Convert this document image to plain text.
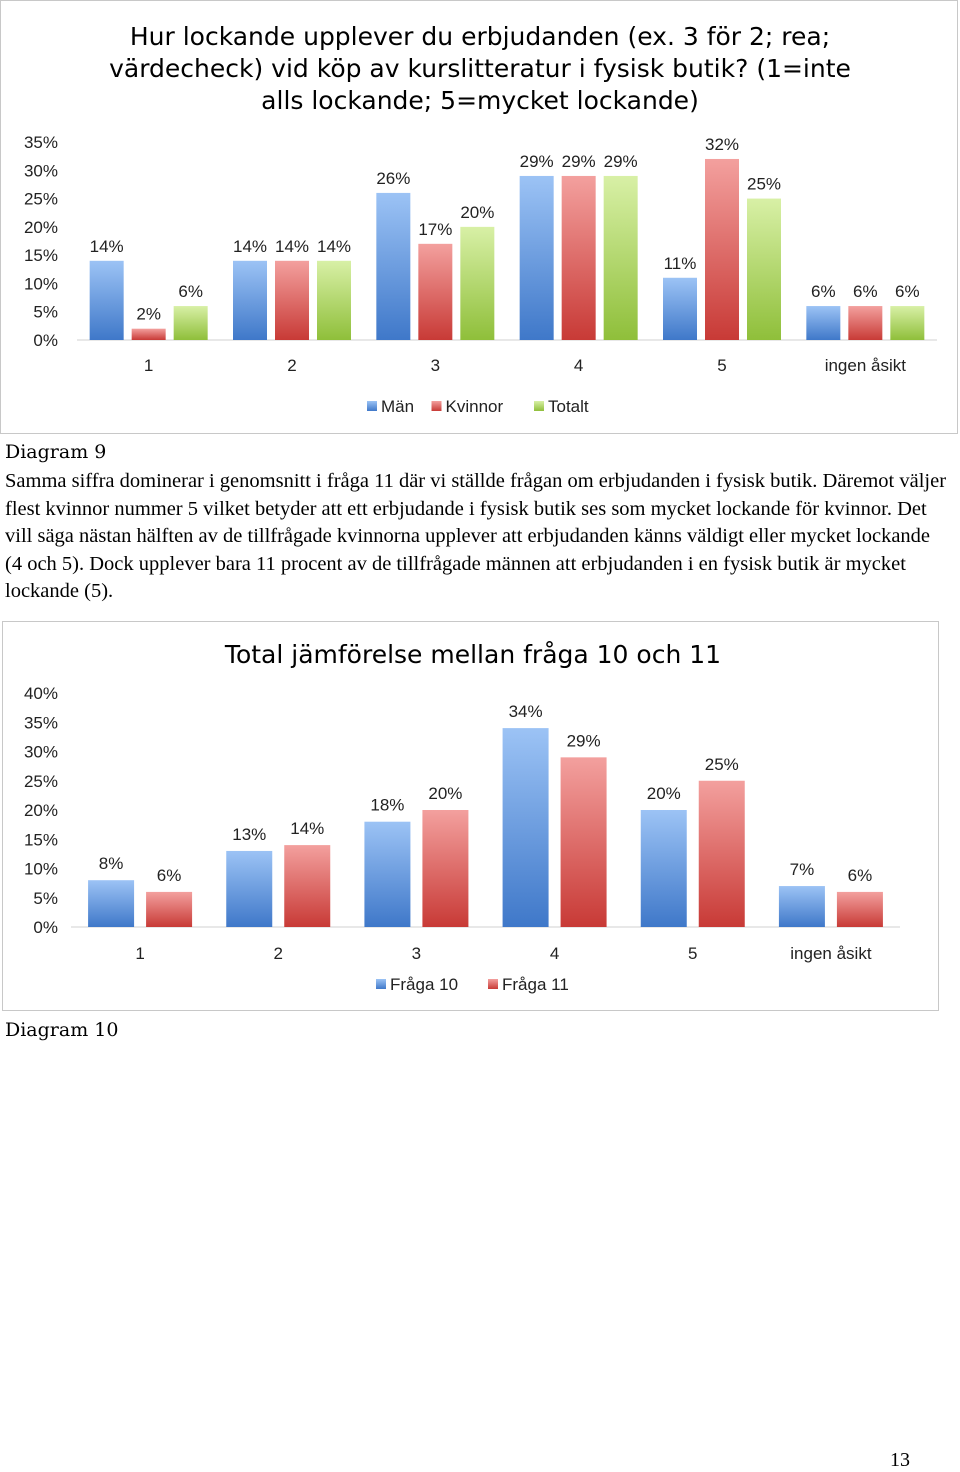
Hur lockande upplever du erbjudanden (ex. 3 för 2; rea;
värdecheck) vid köp av kurslitteratur i fysisk butik? (1=inte
alls lockande; 5=mycket lockande)
0%
5%
10%
15%
20%
25%
30%
35%
14%
2%
6%
1
14% 14% 14%
2
26%
17%
20%
3
29% 29% 29%
4
11%
32%
25%
5
6% 6% 6%
ingen åsikt
Män Kvinnor	Totalt
Diagram 9
Samma siffra dominerar i genomsnitt i fråga 11 där vi ställde frågan om erbjudanden i fysisk butik. Däremot väljer flest kvinnor nummer 5 vilket betyder att ett erbjudande i fysisk butik ses som mycket lockande för kvinnor. Det vill säga nästan hälften av de tillfrågade kvinnorna upplever att erbjudanden känns väldigt eller mycket lockande (4 och 5). Dock upplever bara 11 procent av de tillfrågade männen att erbjudanden i en fysisk butik är mycket lockande (5).
Total jämförelse mellan fråga 10 och 11
0%
5%
10%
15%
20%
25%
30%
35%
40%
8%
6%
1
13% 14%
2
18%
20%
3
34%
29%
4
20%
25%
5
7% 6%
ingen åsikt
Fråga 10	Fråga 11
Diagram 10
13
